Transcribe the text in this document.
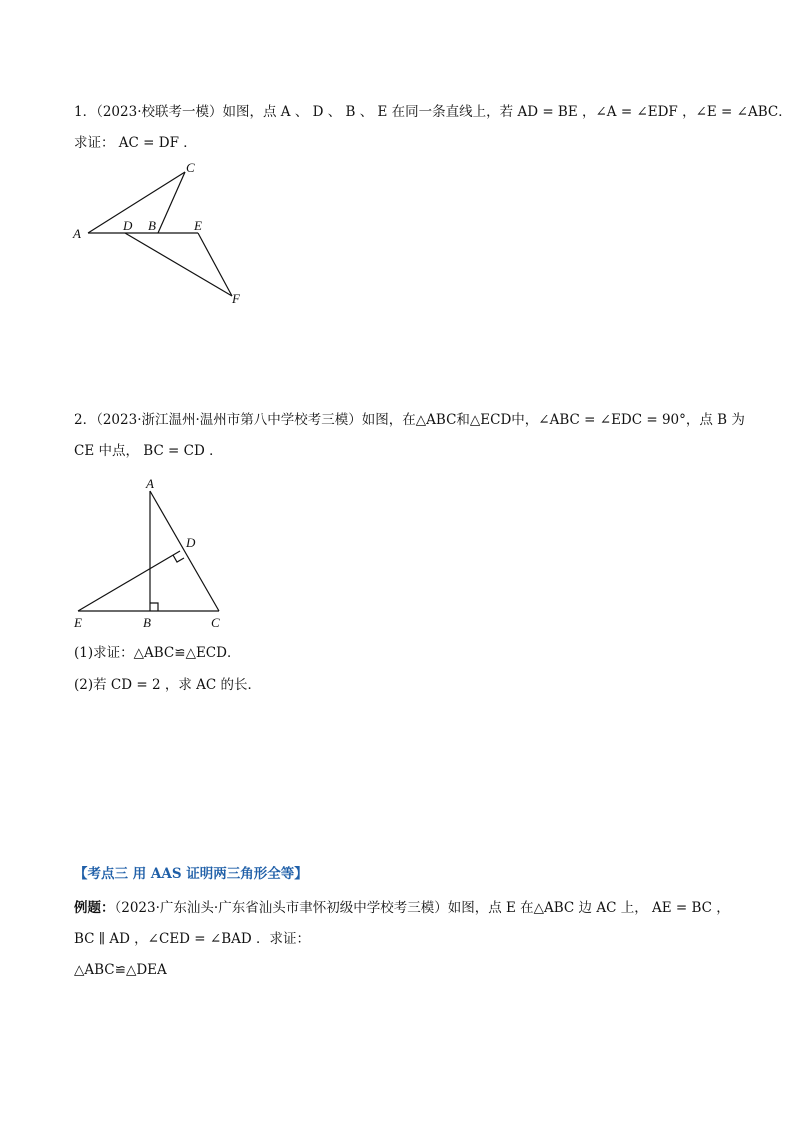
1．（2023·校联考一模）如图，点 A 、 D 、 B 、 E 在同一条直线上，若 AD = BE ，∠A = ∠EDF ，∠E = ∠ABC．
求证： AC = DF ．
A
C
D B	E
F
2．（2023·浙江温州·温州市第八中学校考三模）如图，在△ABC和△ECD中，∠ABC = ∠EDC = 90°，点 B 为
CE 中点， BC = CD ．
A
D
E	B	C
(1)求证：△ABC≌△ECD．
(2)若 CD = 2 ，求 AC 的长．
【考点三 用 AAS 证明两三角形全等】
例题：（2023·广东汕头·广东省汕头市聿怀初级中学校考三模）如图，点 E 在△ABC 边 AC 上， AE = BC ，
BC ∥ AD ，∠CED = ∠BAD ．求证：
△ABC≌△DEA
